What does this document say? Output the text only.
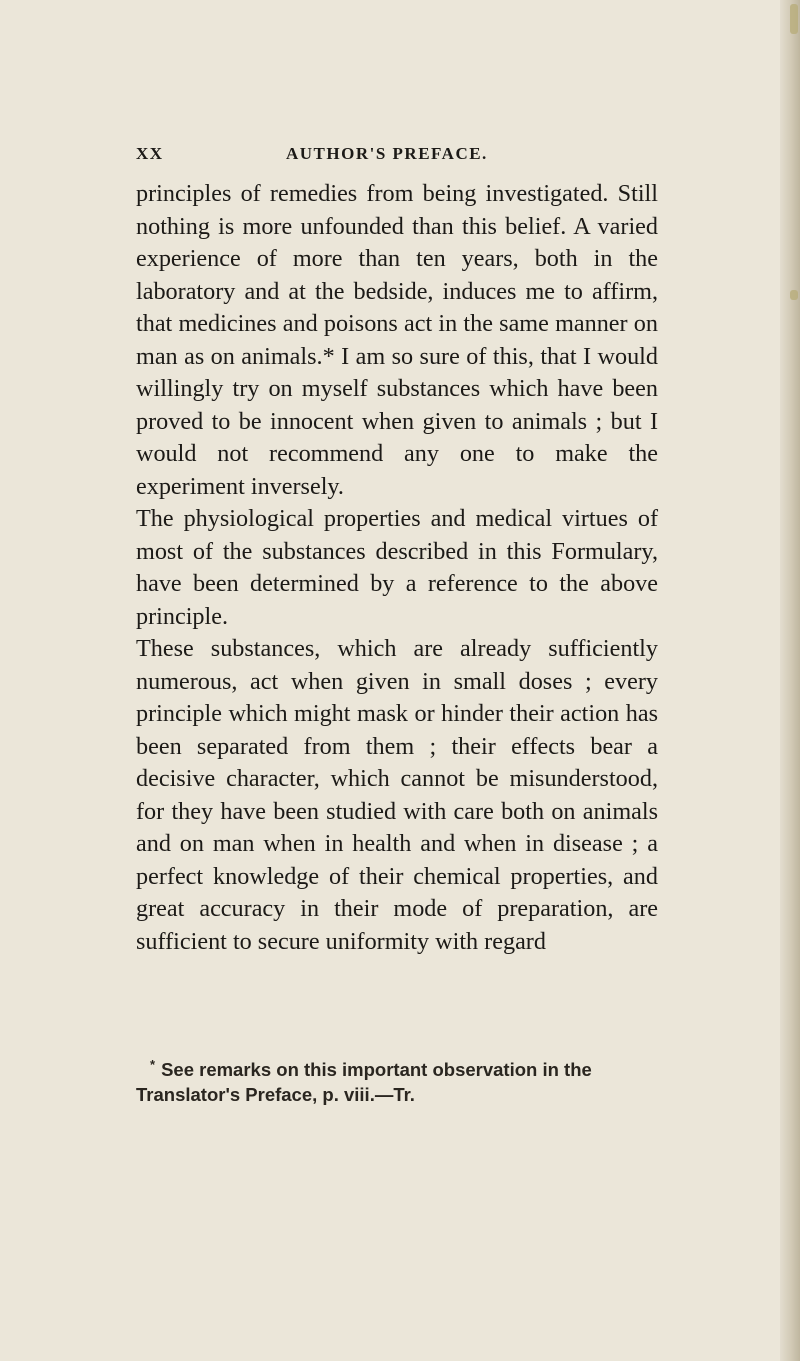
XX	AUTHOR'S PREFACE.

principles of remedies from being investigated. Still nothing is more unfounded than this belief. A varied experience of more than ten years, both in the laboratory and at the bedside, induces me to affirm, that medicines and poisons act in the same manner on man as on animals.* I am so sure of this, that I would willingly try on myself substances which have been proved to be innocent when given to animals ; but I would not recommend any one to make the experiment inversely.

The physiological properties and medical virtues of most of the substances described in this Formulary, have been determined by a reference to the above principle.

These substances, which are already sufficiently numerous, act when given in small doses ; every principle which might mask or hinder their action has been separated from them ; their effects bear a decisive character, which cannot be misunderstood, for they have been studied with care both on animals and on man when in health and when in disease ; a perfect knowledge of their chemical properties, and great accuracy in their mode of preparation, are sufficient to secure uniformity with regard

* See remarks on this important observation in the
Translator's Preface, p. viii.—Tr.
